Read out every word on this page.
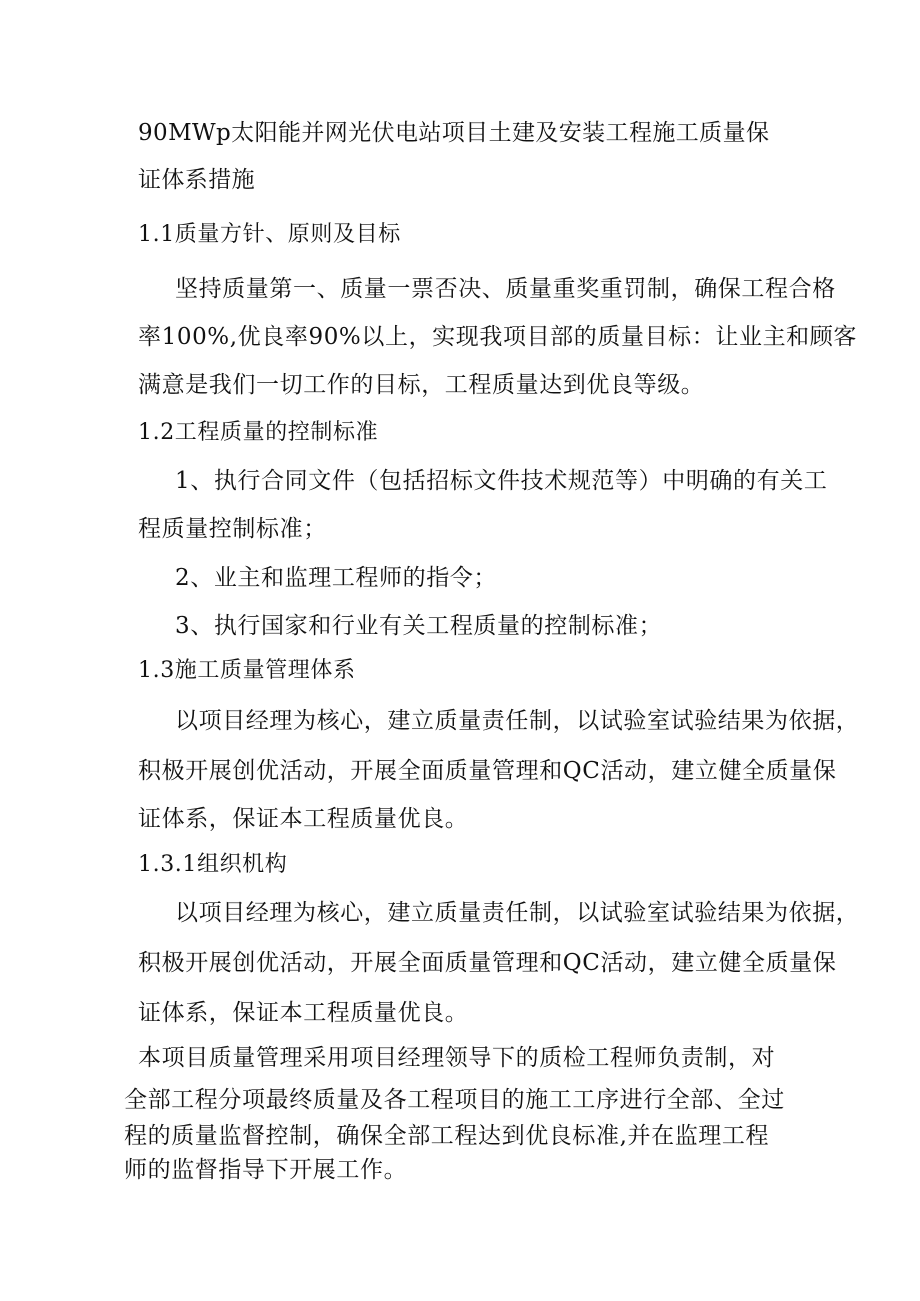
90MWp太阳能并网光伏电站项目土建及安装工程施工质量保
证体系措施
1.1质量方针、原则及目标
坚持质量第一、质量一票否决、质量重奖重罚制，确保工程合格
率100%,优良率90%以上，实现我项目部的质量目标：让业主和顾客
满意是我们一切工作的目标，工程质量达到优良等级。
1.2工程质量的控制标准
1、执行合同文件（包括招标文件技术规范等）中明确的有关工
程质量控制标准；
2、业主和监理工程师的指令；
3、执行国家和行业有关工程质量的控制标准；
1.3施工质量管理体系
以项目经理为核心，建立质量责任制，以试验室试验结果为依据，
积极开展创优活动，开展全面质量管理和QC活动，建立健全质量保
证体系，保证本工程质量优良。
1.3.1组织机构
以项目经理为核心，建立质量责任制，以试验室试验结果为依据，
积极开展创优活动，开展全面质量管理和QC活动，建立健全质量保
证体系，保证本工程质量优良。
本项目质量管理采用项目经理领导下的质检工程师负责制，对
全部工程分项最终质量及各工程项目的施工工序进行全部、全过
程的质量监督控制，确保全部工程达到优良标准,并在监理工程
师的监督指导下开展工作。
